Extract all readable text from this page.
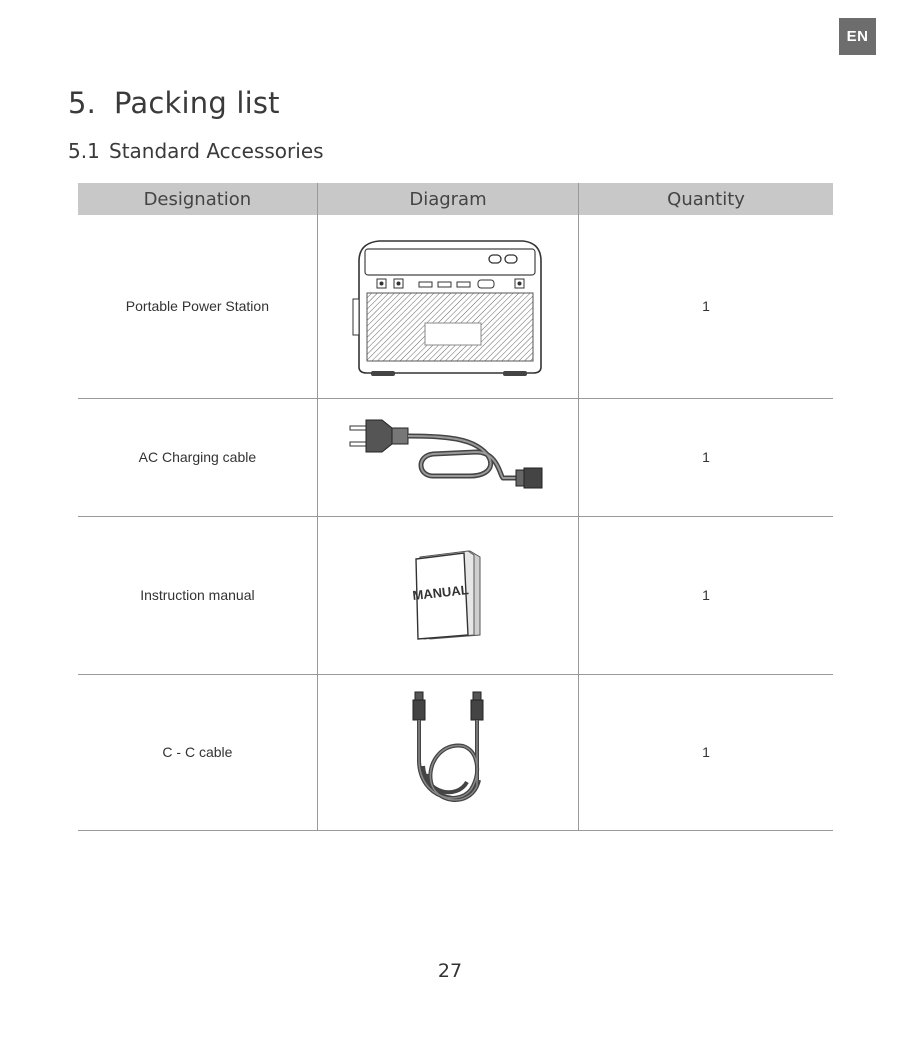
EN
5. Packing list
5.1 Standard Accessories
Designation	Diagram	Quantity
Portable Power Station		1
AC Charging cable		1
Instruction manual	MANUAL	1
C - C cable		1
27
